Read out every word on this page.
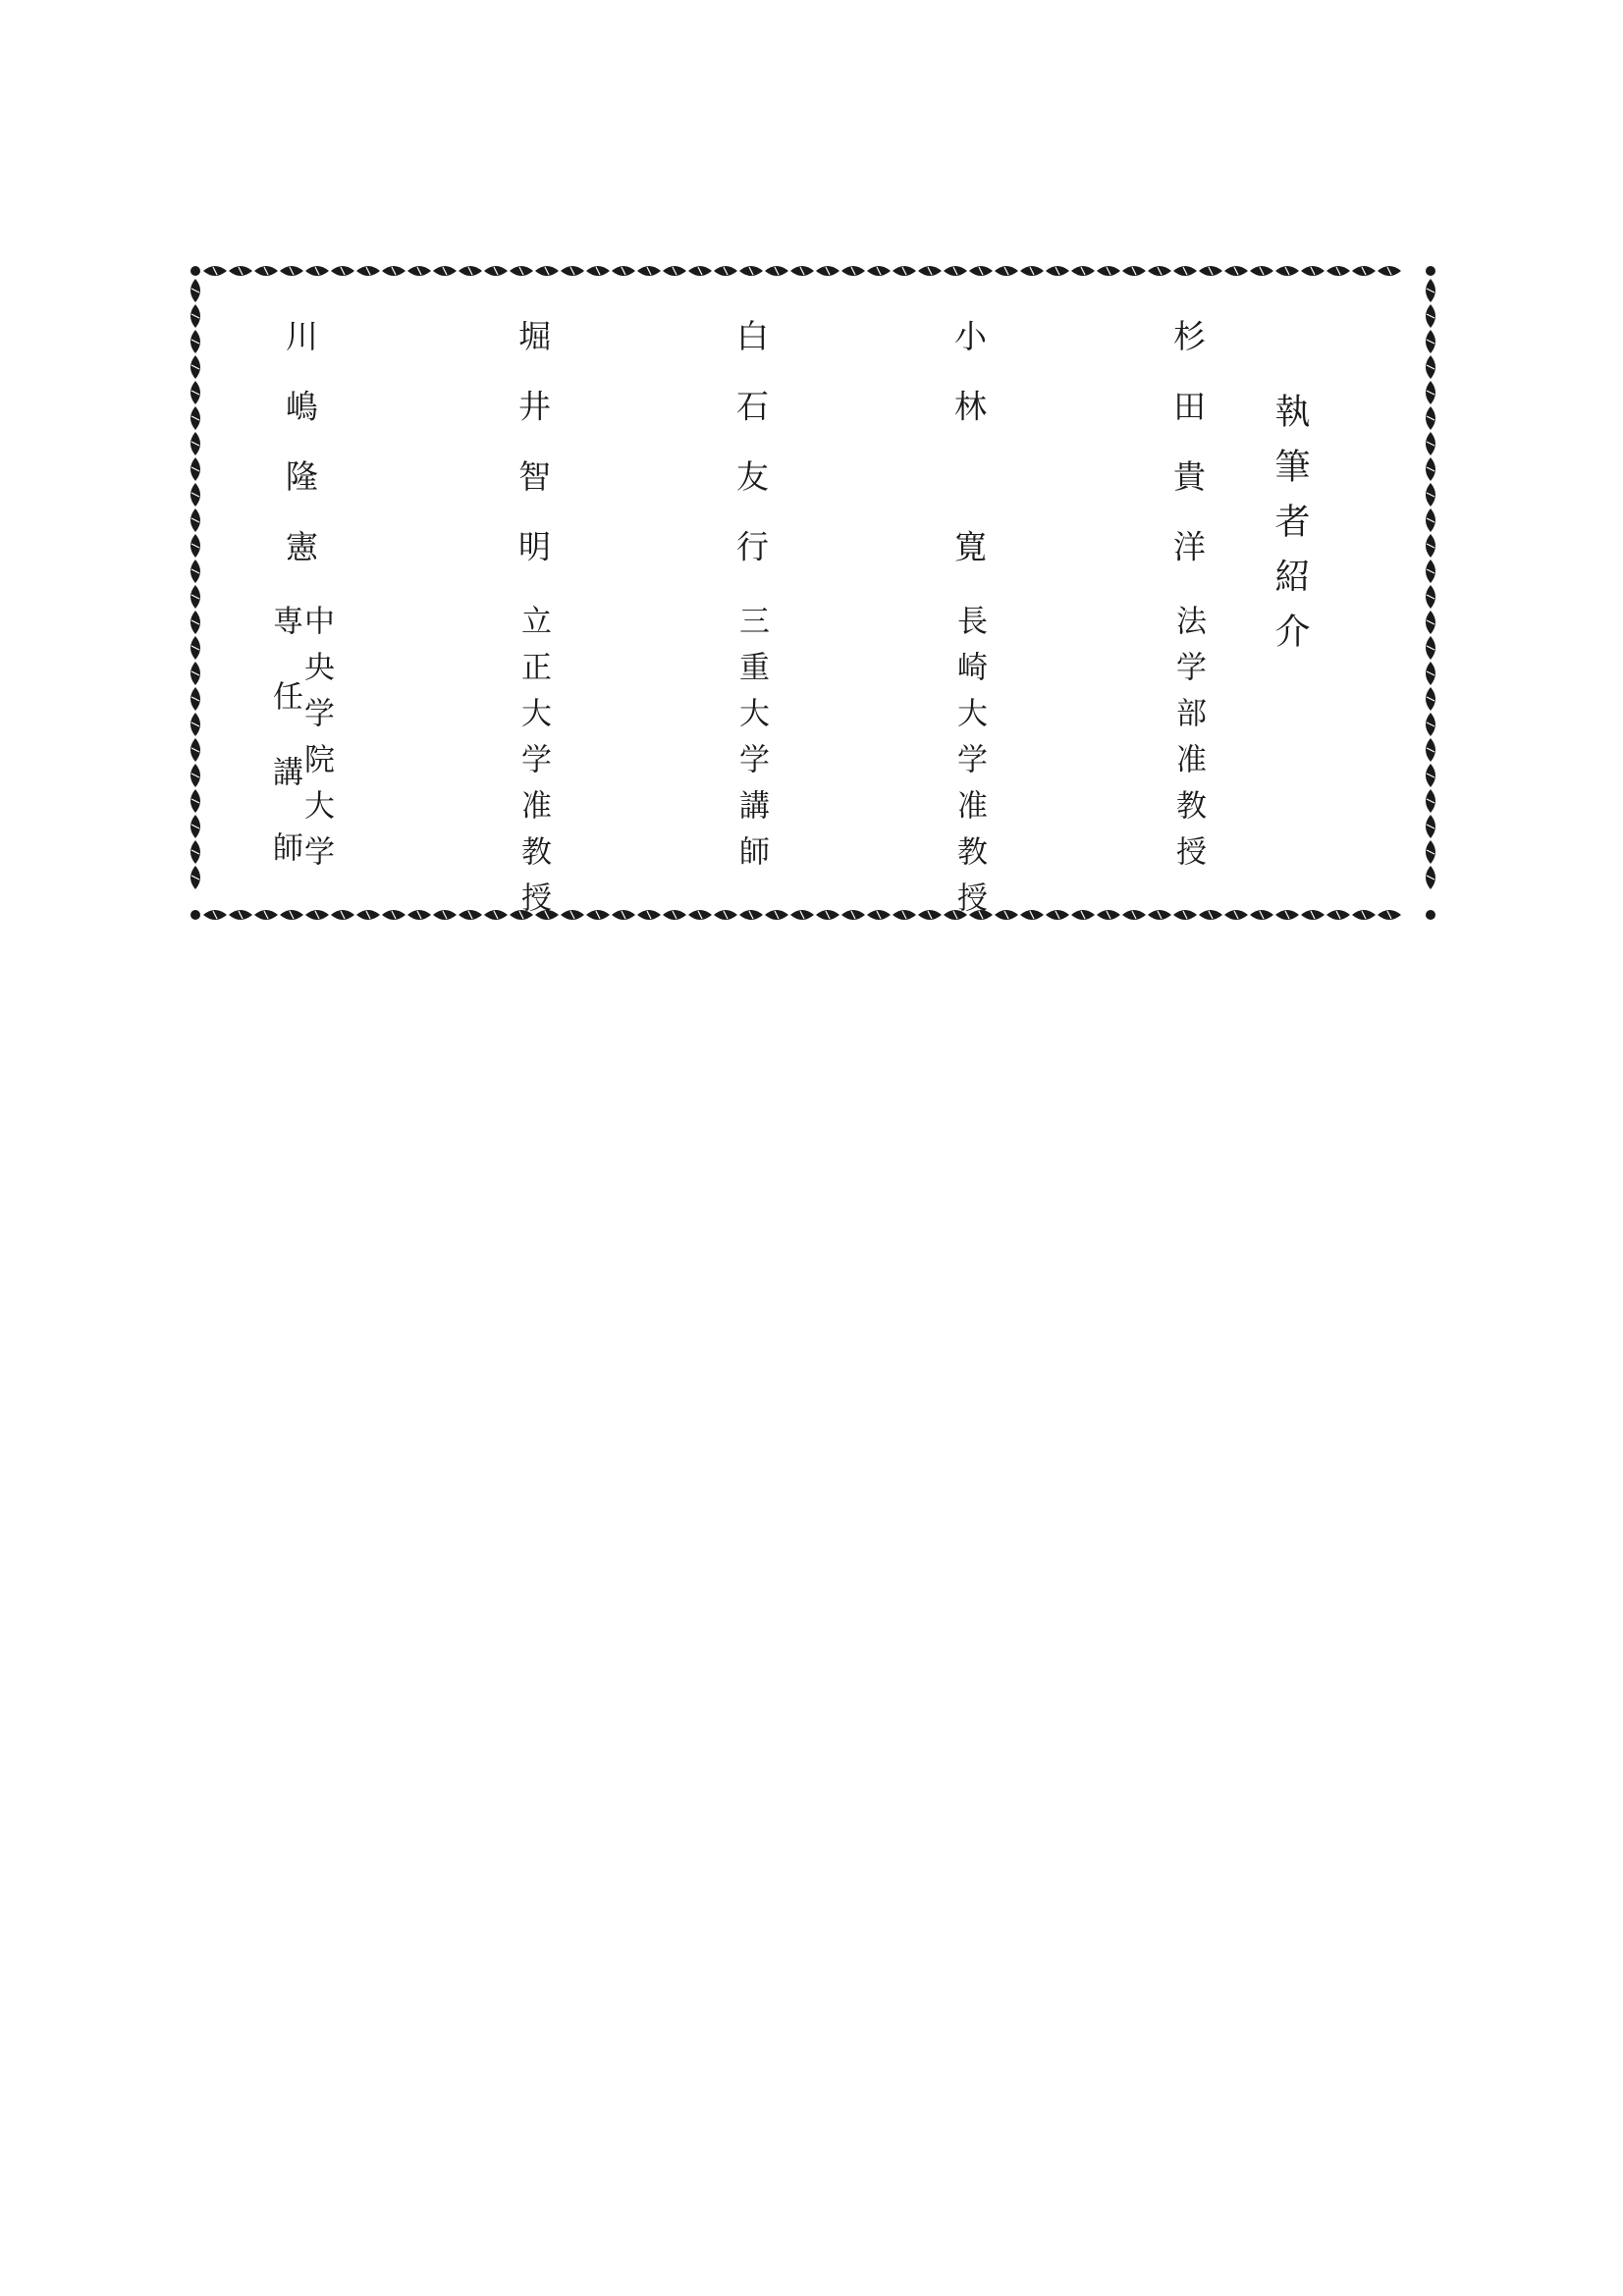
執筆者紹介
杉田貴洋
法学部准教授
小林　寛
長崎大学准教授
白石友行
三重大学講師
堀井智明
立正大学准教授
川嶋隆憲
中央学院大学
専任講師
